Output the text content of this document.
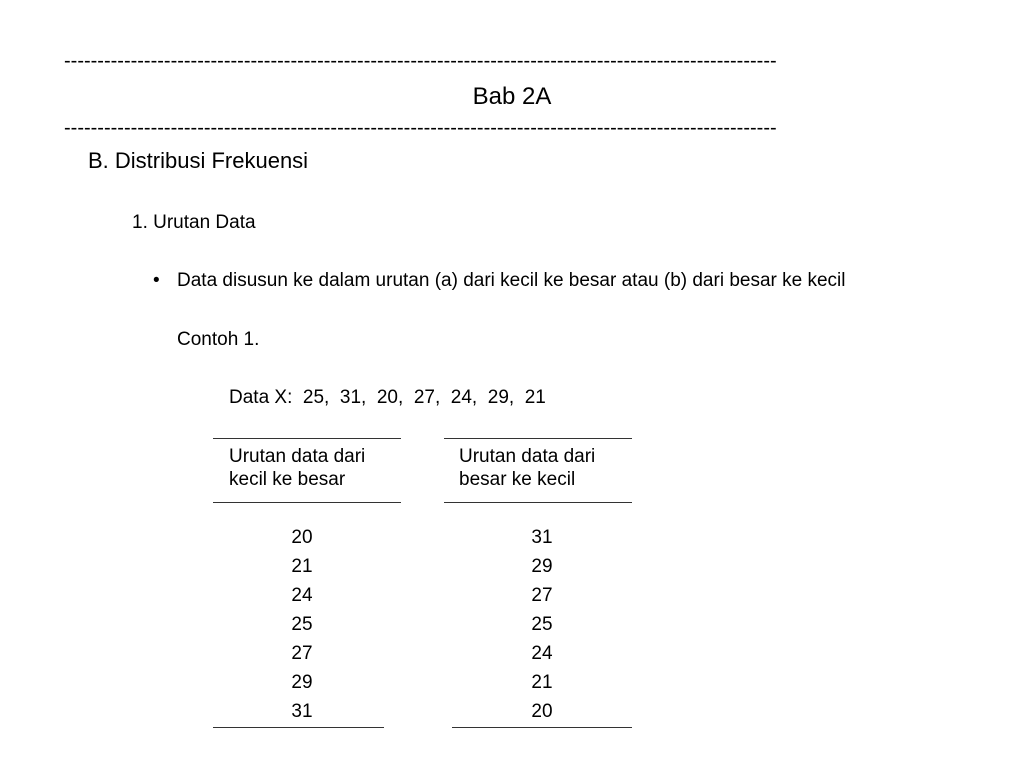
-----------------------------------------------------------------------------------------------------------
Bab 2A
-----------------------------------------------------------------------------------------------------------
B. Distribusi Frekuensi
1. Urutan Data
• Data disusun ke dalam urutan (a) dari kecil ke besar atau (b) dari besar ke kecil
Contoh 1.
Data X:  25,  31,  20,  27,  24,  29,  21
Urutan data dari kecil ke besar
20
21
24
25
27
29
31
Urutan data dari besar ke kecil
31
29
27
25
24
21
20
